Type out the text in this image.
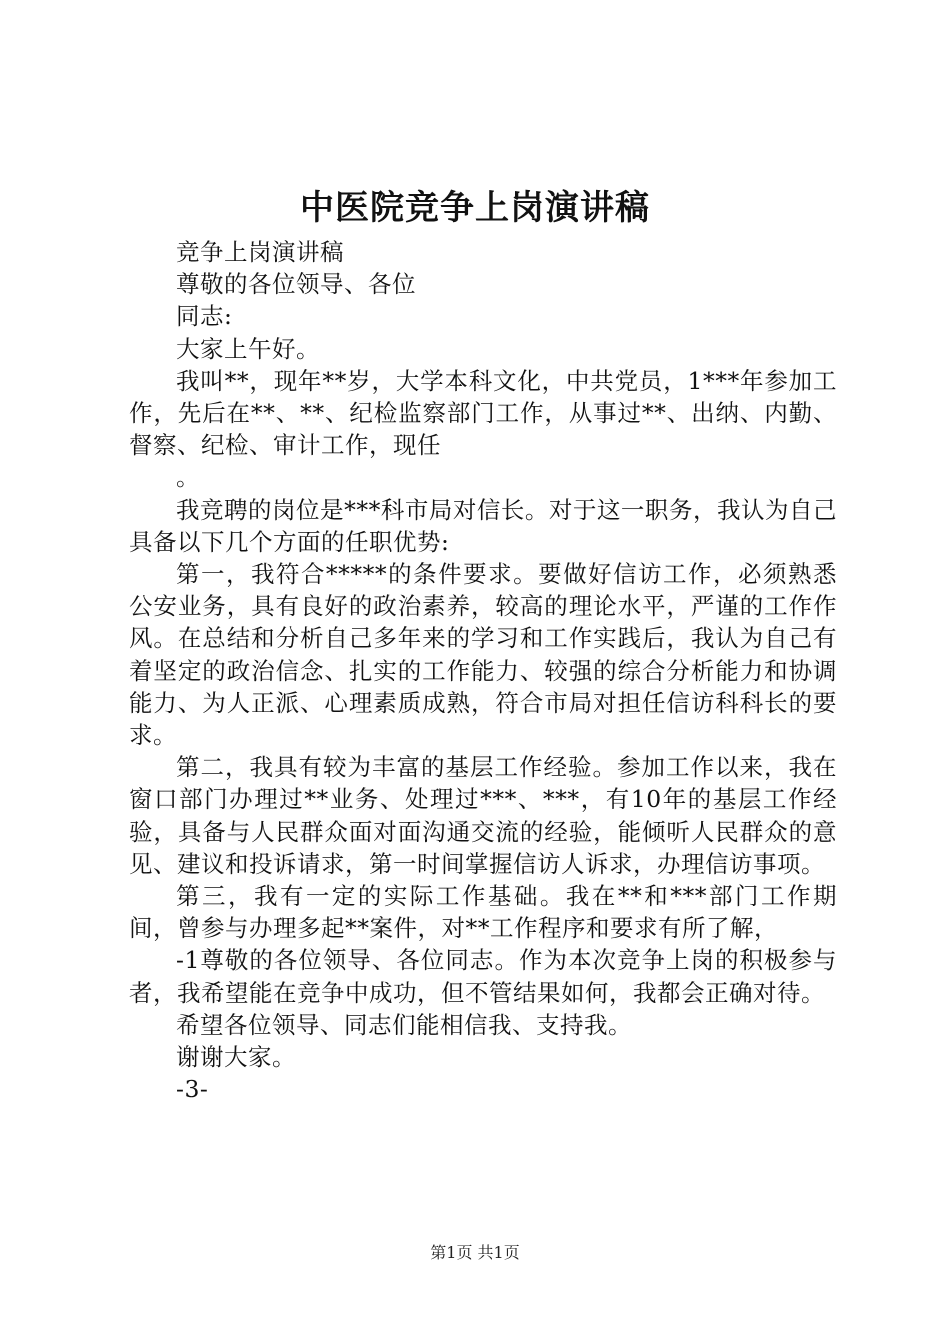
中医院竞争上岗演讲稿

竞争上岗演讲稿

尊敬的各位领导、各位

同志:

大家上午好。

我叫**，现年**岁，大学本科文化，中共党员，1***年参加工作，先后在**、**、纪检监察部门工作，从事过**、出纳、内勤、督察、纪检、审计工作，现任

。

我竞聘的岗位是***科市局对信长。对于这一职务，我认为自己具备以下几个方面的任职优势:

第一，我符合*****的条件要求。要做好信访工作，必须熟悉公安业务，具有良好的政治素养，较高的理论水平，严谨的工作作风。在总结和分析自己多年来的学习和工作实践后，我认为自己有着坚定的政治信念、扎实的工作能力、较强的综合分析能力和协调能力、为人正派、心理素质成熟，符合市局对担任信访科科长的要求。

第二，我具有较为丰富的基层工作经验。参加工作以来，我在窗口部门办理过**业务、处理过***、***，有10年的基层工作经验，具备与人民群众面对面沟通交流的经验，能倾听人民群众的意见、建议和投诉请求，第一时间掌握信访人诉求，办理信访事项。

第三，我有一定的实际工作基础。我在**和***部门工作期间，曾参与办理多起**案件，对**工作程序和要求有所了解，

-1尊敬的各位领导、各位同志。作为本次竞争上岗的积极参与者，我希望能在竞争中成功，但不管结果如何，我都会正确对待。

希望各位领导、同志们能相信我、支持我。

谢谢大家。

-3-

第1页 共1页
